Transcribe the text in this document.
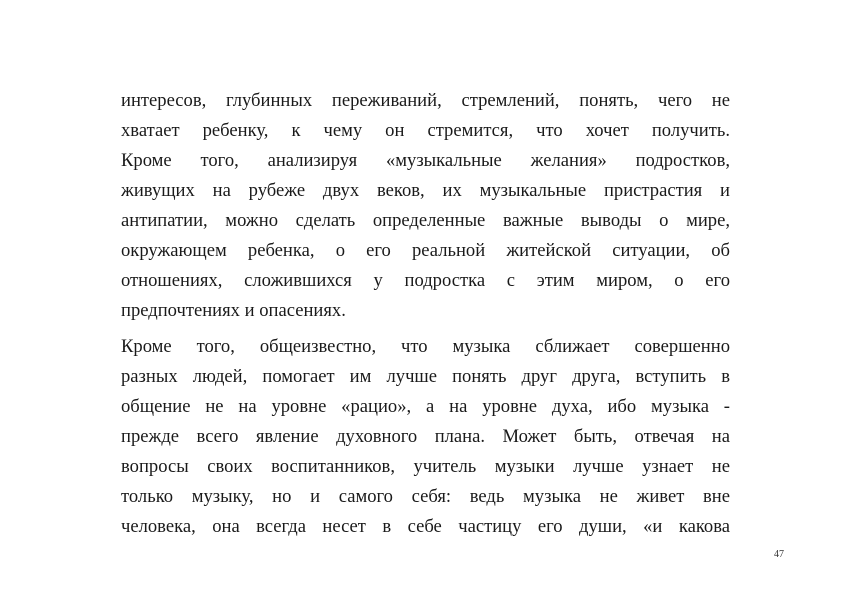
интересов, глубинных переживаний, стремлений, понять, чего не
хватает ребенку, к чему он стремится, что хочет получить.
Кроме того, анализируя «музыкальные желания» подростков,
живущих на рубеже двух веков, их музыкальные пристрастия и
антипатии, можно сделать определенные важные выводы о мире,
окружающем ребенка, о его реальной житейской ситуации, об
отношениях, сложившихся у подростка с этим миром, о его
предпочтениях и опасениях.
Кроме того, общеизвестно, что музыка сближает совершенно
разных людей, помогает им лучше понять друг друга, вступить в
общение не на уровне «рацио», а на уровне духа, ибо музыка -
прежде всего явление духовного плана. Может быть, отвечая на
вопросы своих воспитанников, учитель музыки лучше узнает не
только музыку, но и самого себя: ведь музыка не живет вне
человека, она всегда несет в себе частицу его души, «и какова
47
